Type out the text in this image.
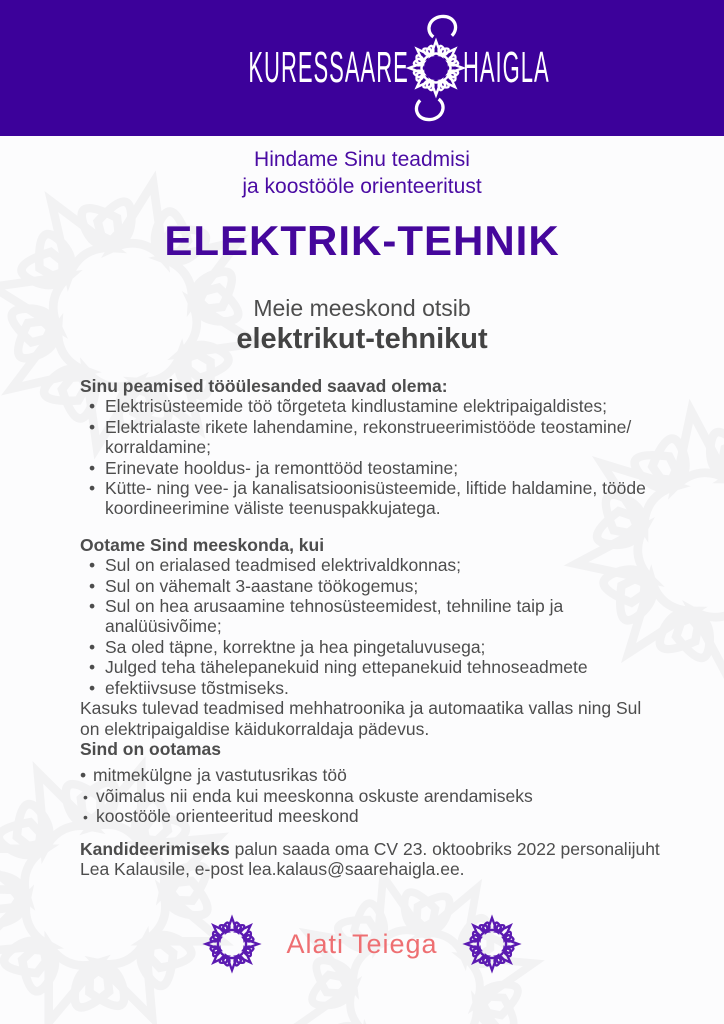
KURESSAARE HAIGLA
Hindame Sinu teadmisi
ja koostööle orienteeritust
ELEKTRIK-TEHNIK
Meie meeskond otsib
elektrikut-tehnikut

Sinu peamised tööülesanded saavad olema:

• Elektrisüsteemide töö tõrgeteta kindlustamine elektripaigaldistes;
• Elektrialaste rikete lahendamine, rekonstrueerimistööde teostamine/ korraldamine;
• Erinevate hooldus- ja remonttööd teostamine;
• Kütte- ning vee- ja kanalisatsioonisüsteemide, liftide haldamine, tööde koordineerimine väliste teenuspakkujatega.

Ootame Sind meeskonda, kui

• Sul on erialased teadmised elektrivaldkonnas;
• Sul on vähemalt 3-aastane töökogemus;
• Sul on hea arusaamine tehnosüsteemidest, tehniline taip ja analüüsivõime;
• Sa oled täpne, korrektne ja hea pingetaluvusega;
• Julged teha tähelepanekuid ning ettepanekuid tehnoseadmete
• efektiivsuse tõstmiseks.

Kasuks tulevad teadmised mehhatroonika ja automaatika vallas ning Sul on elektripaigaldise käidukorraldaja pädevus.

Sind on ootamas

• mitmekülgne ja vastutusrikas töö
• võimalus nii enda kui meeskonna oskuste arendamiseks
• koostööle orienteeritud meeskond

Kandideerimiseks palun saada oma CV 23. oktoobriks 2022 personalijuht Lea Kalausile, e-post lea.kalaus@saarehaigla.ee.

Alati Teiega
